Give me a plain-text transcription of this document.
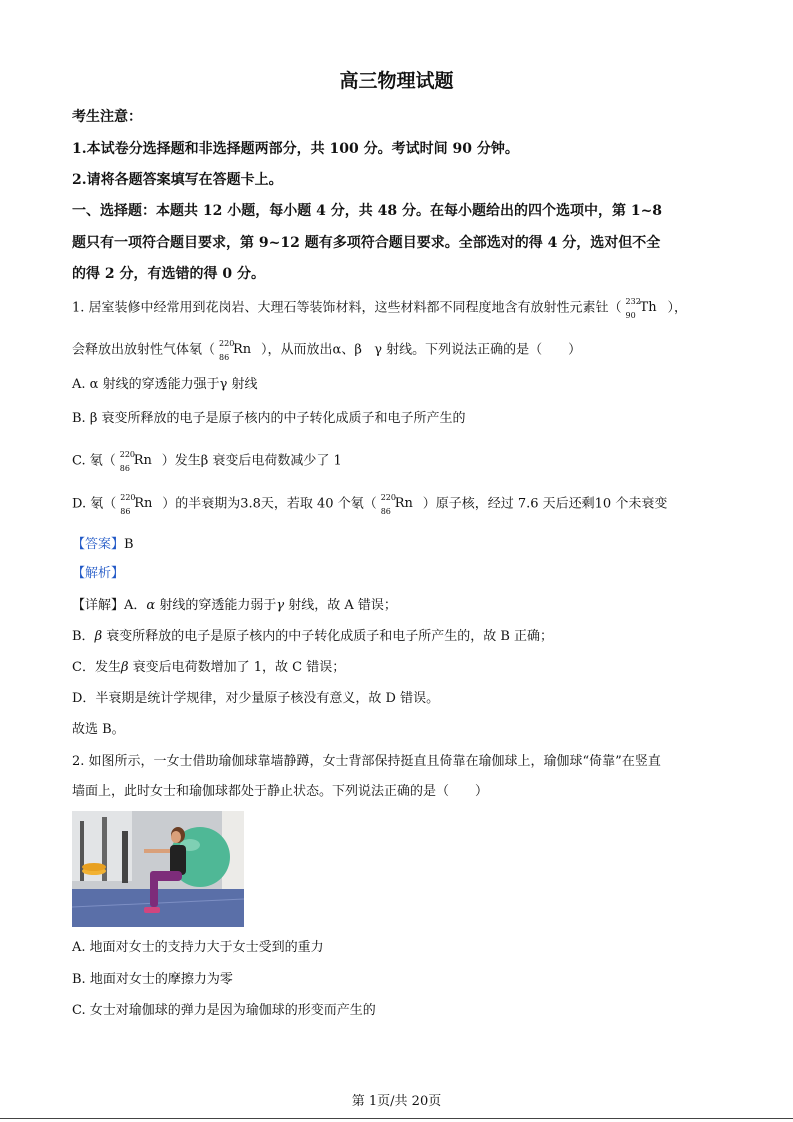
高三物理试题
考生注意：
1.本试卷分选择题和非选择题两部分，共 100 分。考试时间 90 分钟。
2.请将各题答案填写在答题卡上。
一、选择题：本题共 12 小题，每小题 4 分，共 48 分。在每小题给出的四个选项中，第 1~8
题只有一项符合题目要求，第 9~12 题有多项符合题目要求。全部选对的得 4 分，选对但不全
的得 2 分，有选错的得 0 分。
1. 居室装修中经常用到花岗岩、大理石等装饰材料，这些材料都不同程度地含有放射性元素钍（ 232
90
Th ），
会释放出放射性气体氡（ 220
86
Rn ），从而放出α、β γ 射线。下列说法正确的是（　　）
A. α 射线的穿透能力强于γ 射线
B. β 衰变所释放的电子是原子核内的中子转化成质子和电子所产生的
C. 氡（ 220
86
Rn ）发生β 衰变后电荷数减少了 1
D. 氡（ 220
86
Rn ）的半衰期为3.8天，若取 40 个氡（ 220
86
Rn ）原子核，经过 7.6 天后还剩10 个未衰变
【答案】B
【解析】
【详解】A．α 射线的穿透能力弱于γ 射线，故 A 错误；
B．β 衰变所释放的电子是原子核内的中子转化成质子和电子所产生的，故 B 正确；
C．发生β 衰变后电荷数增加了 1，故 C 错误；
D．半衰期是统计学规律，对少量原子核没有意义，故 D 错误。
故选 B。
2. 如图所示，一女士借助瑜伽球靠墙静蹲，女士背部保持挺直且倚靠在瑜伽球上，瑜伽球“倚靠”在竖直
墙面上，此时女士和瑜伽球都处于静止状态。下列说法正确的是（　　）
A. 地面对女士的支持力大于女士受到的重力
B. 地面对女士的摩擦力为零
C. 女士对瑜伽球的弹力是因为瑜伽球的形变而产生的
第 1页/共 20页
